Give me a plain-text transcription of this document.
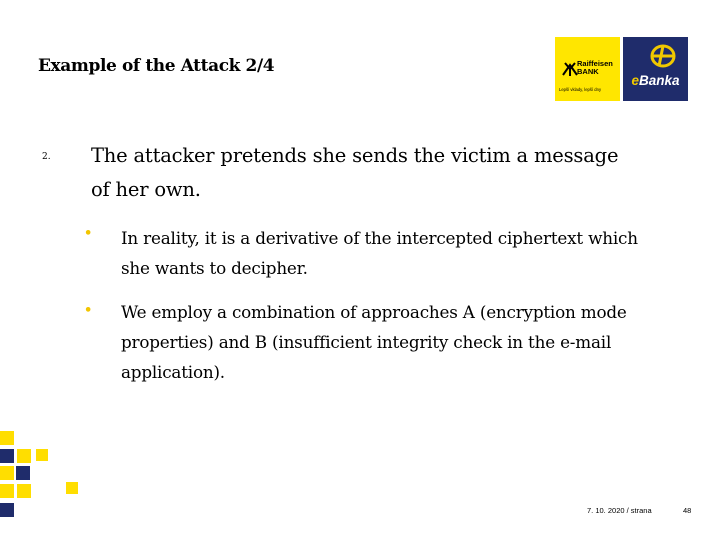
Example of the Attack 2/4	Raiffeisen
BANK
Lepší vklady, lepší dny
eBanka
2. The attacker pretends she sends the victim a message of her own.
• In reality, it is a derivative of the intercepted ciphertext which she wants to decipher.
• We employ a combination of approaches A (encryption mode properties) and B (insufficient integrity check in the e-mail application).
7. 10. 2020 / strana	48
